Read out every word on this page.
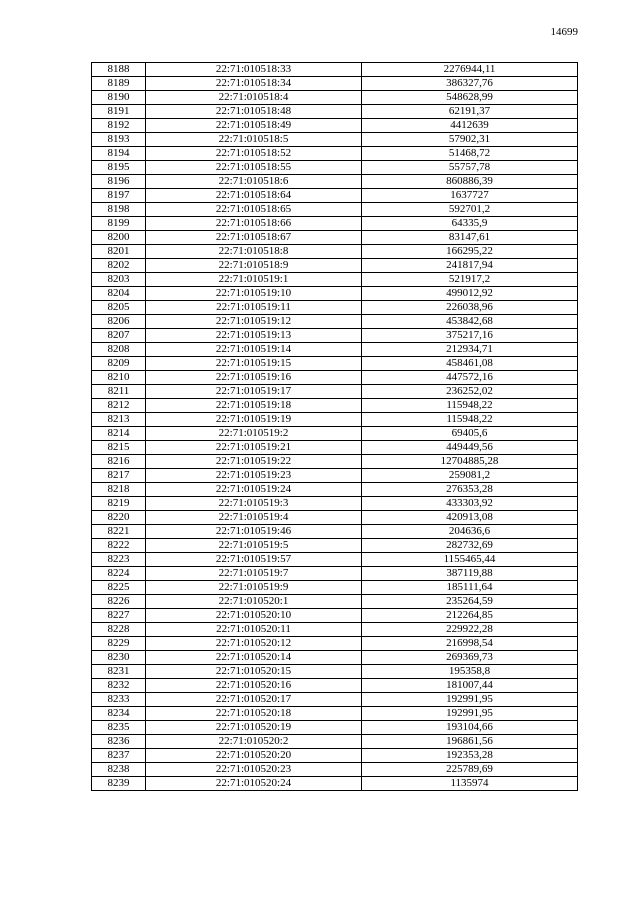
14699
8188	22:71:010518:33	2276944,11
8189	22:71:010518:34	386327,76
8190	22:71:010518:4	548628,99
8191	22:71:010518:48	62191,37
8192	22:71:010518:49	4412639
8193	22:71:010518:5	57902,31
8194	22:71:010518:52	51468,72
8195	22:71:010518:55	55757,78
8196	22:71:010518:6	860886,39
8197	22:71:010518:64	1637727
8198	22:71:010518:65	592701,2
8199	22:71:010518:66	64335,9
8200	22:71:010518:67	83147,61
8201	22:71:010518:8	166295,22
8202	22:71:010518:9	241817,94
8203	22:71:010519:1	521917,2
8204	22:71:010519:10	499012,92
8205	22:71:010519:11	226038,96
8206	22:71:010519:12	453842,68
8207	22:71:010519:13	375217,16
8208	22:71:010519:14	212934,71
8209	22:71:010519:15	458461,08
8210	22:71:010519:16	447572,16
8211	22:71:010519:17	236252,02
8212	22:71:010519:18	115948,22
8213	22:71:010519:19	115948,22
8214	22:71:010519:2	69405,6
8215	22:71:010519:21	449449,56
8216	22:71:010519:22	12704885,28
8217	22:71:010519:23	259081,2
8218	22:71:010519:24	276353,28
8219	22:71:010519:3	433303,92
8220	22:71:010519:4	420913,08
8221	22:71:010519:46	204636,6
8222	22:71:010519:5	282732,69
8223	22:71:010519:57	1155465,44
8224	22:71:010519:7	387119,88
8225	22:71:010519:9	185111,64
8226	22:71:010520:1	235264,59
8227	22:71:010520:10	212264,85
8228	22:71:010520:11	229922,28
8229	22:71:010520:12	216998,54
8230	22:71:010520:14	269369,73
8231	22:71:010520:15	195358,8
8232	22:71:010520:16	181007,44
8233	22:71:010520:17	192991,95
8234	22:71:010520:18	192991,95
8235	22:71:010520:19	193104,66
8236	22:71:010520:2	196861,56
8237	22:71:010520:20	192353,28
8238	22:71:010520:23	225789,69
8239	22:71:010520:24	1135974
